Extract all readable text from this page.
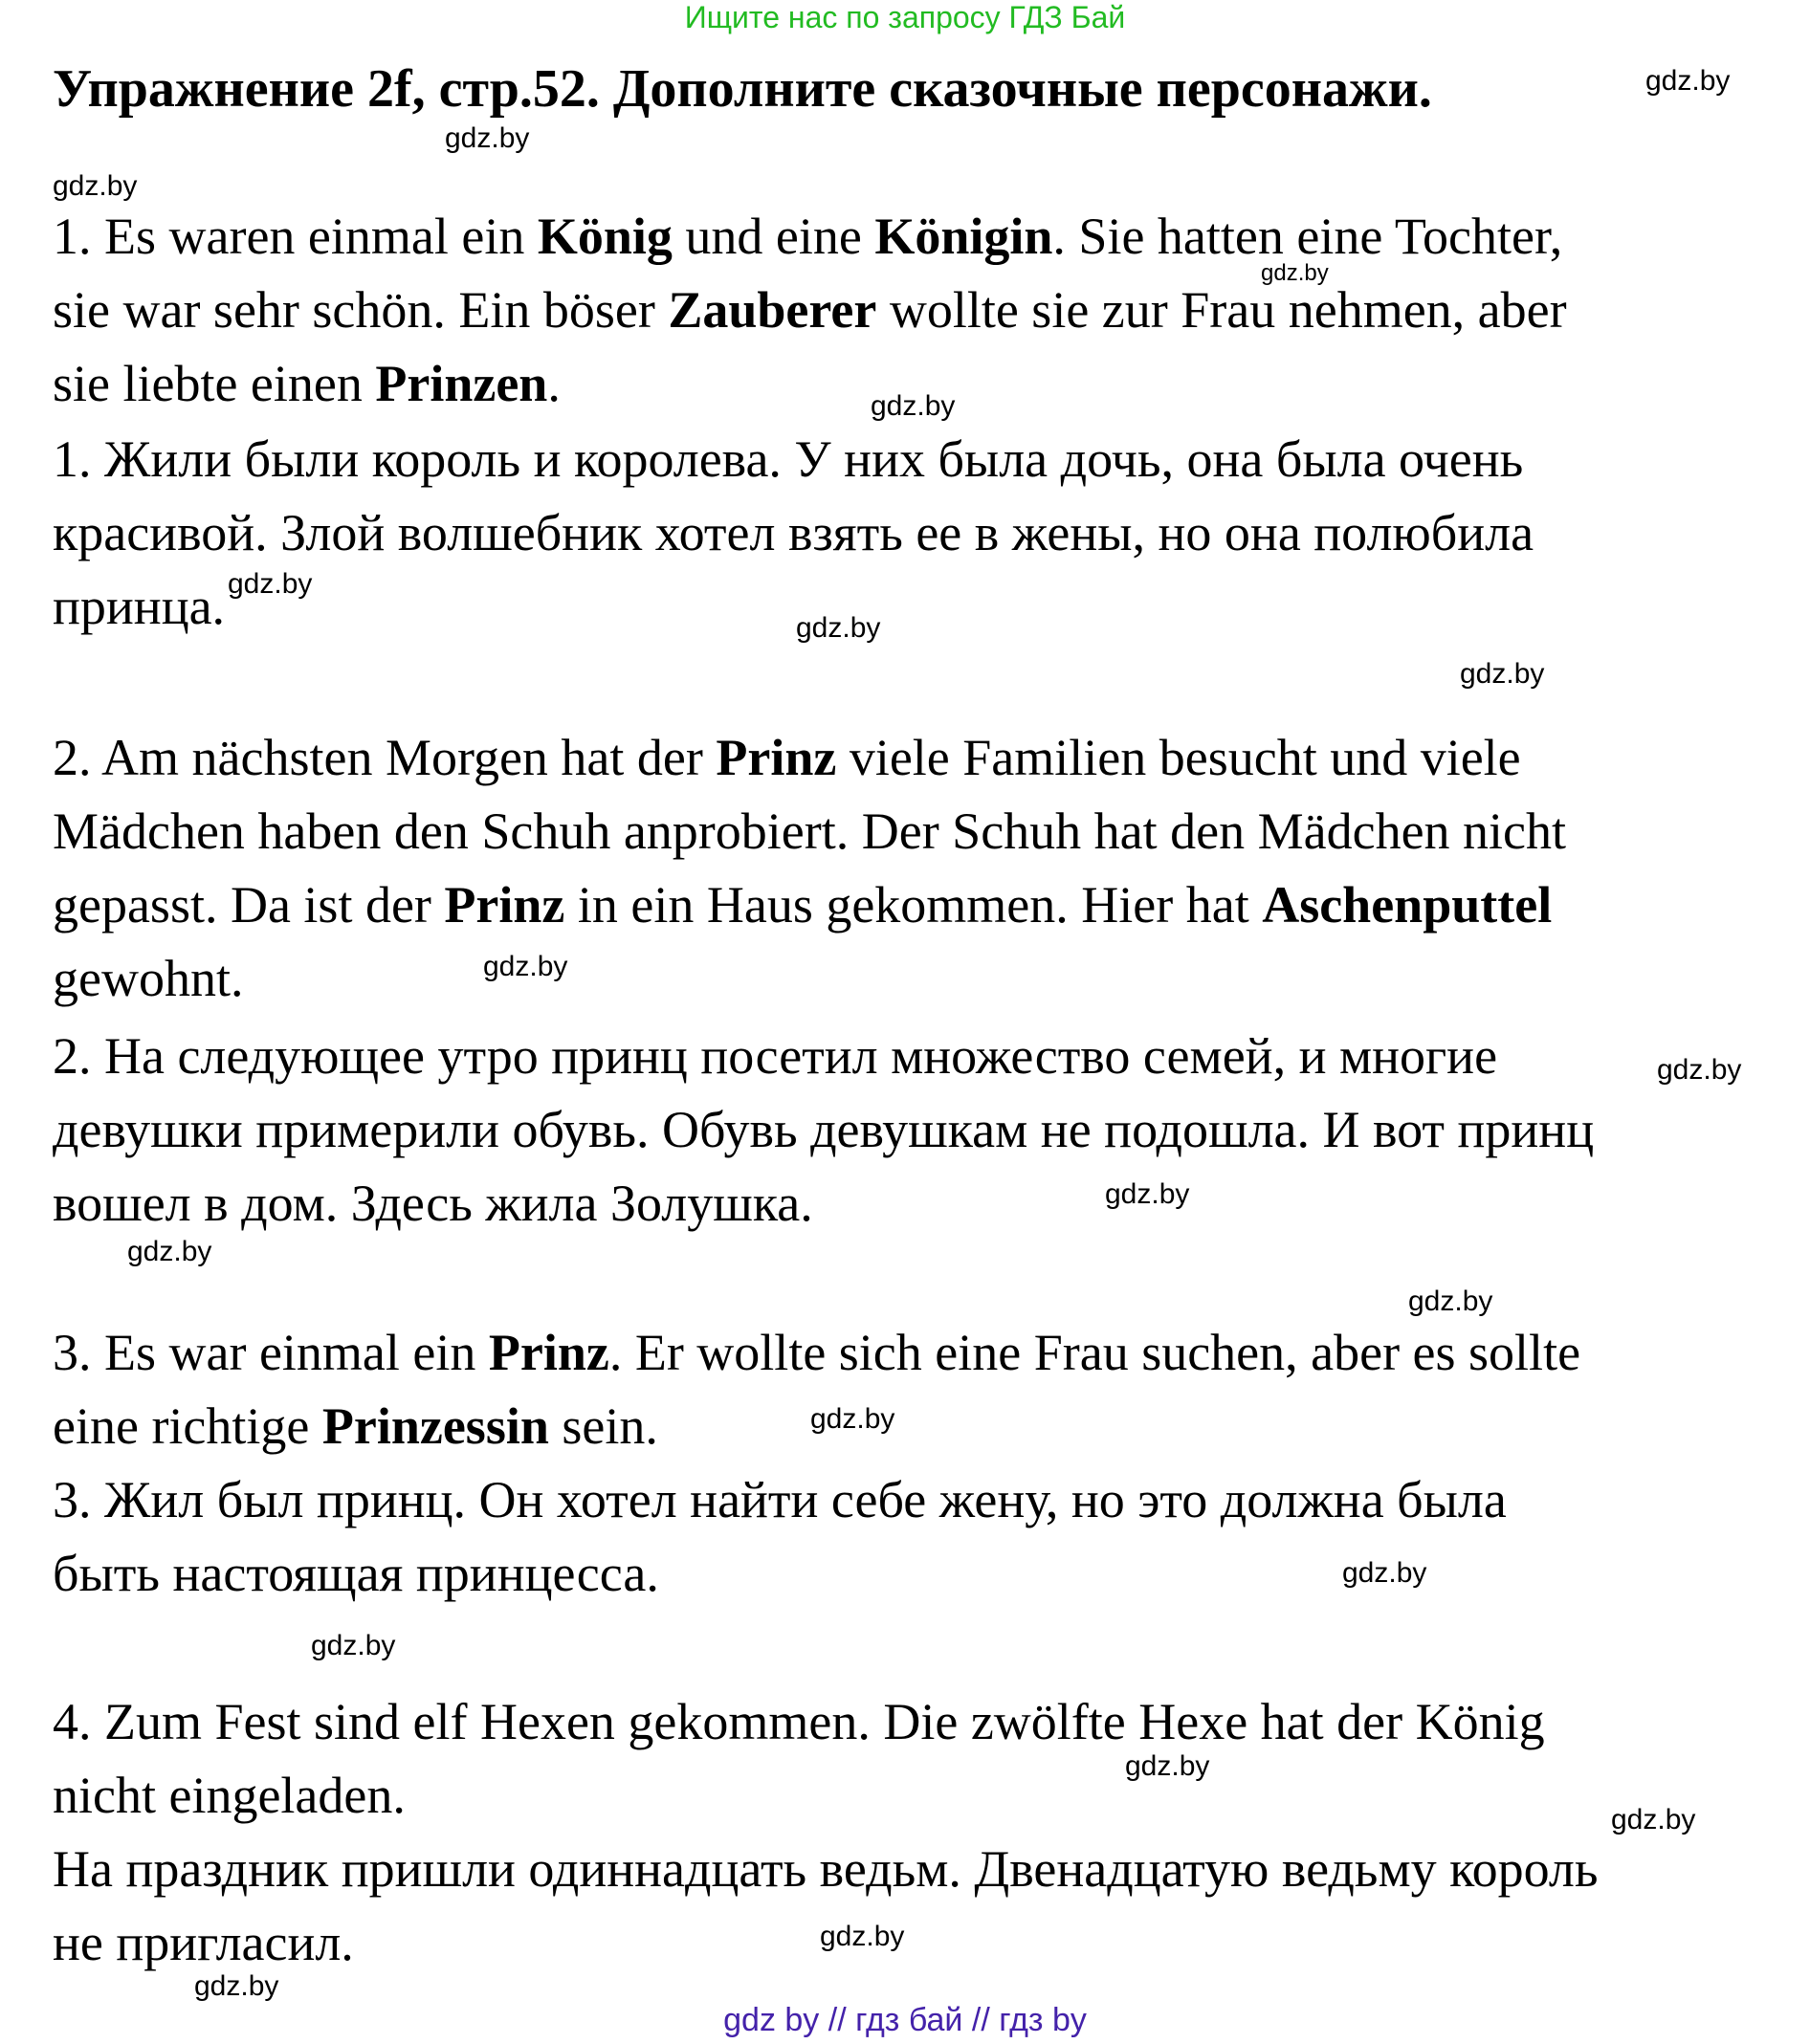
Ищите нас по запросу ГДЗ Бай
Упражнение 2f, стр.52. Дополните сказочные персонажи.
1. Es waren einmal ein König und eine Königin. Sie hatten eine Tochter,
sie war sehr schön. Ein böser Zauberer wollte sie zur Frau nehmen, aber
sie liebte einen Prinzen.
1. Жили были король и королева. У них была дочь, она была очень
красивой. Злой волшебник хотел взять ее в жены, но она полюбила
принца.
2. Am nächsten Morgen hat der Prinz viele Familien besucht und viele
Mädchen haben den Schuh anprobiert. Der Schuh hat den Mädchen nicht
gepasst. Da ist der Prinz in ein Haus gekommen. Hier hat Aschenputtel
gewohnt.
2. На следующее утро принц посетил множество семей, и многие
девушки примерили обувь. Обувь девушкам не подошла. И вот принц
вошел в дом. Здесь жила Золушка.
3. Es war einmal ein Prinz. Er wollte sich eine Frau suchen, aber es sollte
eine richtige Prinzessin sein.
3. Жил был принц. Он хотел найти себе жену, но это должна была
быть настоящая принцесса.
4. Zum Fest sind elf Hexen gekommen. Die zwölfte Hexe hat der König
nicht eingeladen.
На праздник пришли одиннадцать ведьм. Двенадцатую ведьму король
не пригласил.
gdz.by
gdz.by
gdz.by
gdz.by
gdz.by
gdz.by
gdz.by
gdz.by
gdz.by
gdz.by
gdz.by
gdz.by
gdz.by
gdz.by
gdz.by
gdz.by
gdz.by
gdz.by
gdz.by
gdz.by
gdz by // гдз бай // гдз by
